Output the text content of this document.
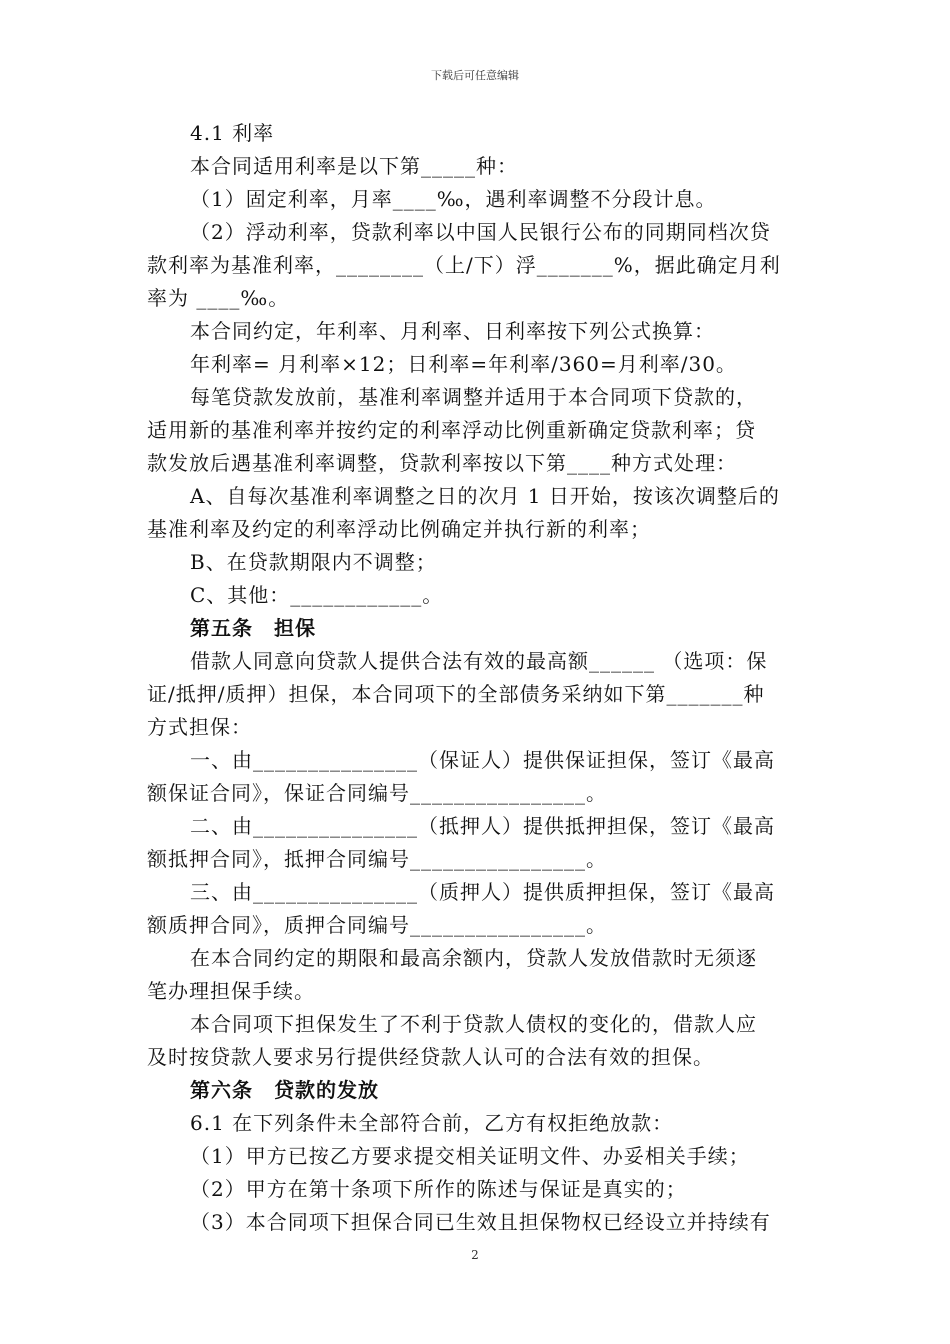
下载后可任意编辑
4.1 利率
本合同适用利率是以下第_____种：
（1）固定利率，月率____‰，遇利率调整不分段计息。
（2）浮动利率，贷款利率以中国人民银行公布的同期同档次贷
款利率为基准利率，________（上/下）浮_______%，据此确定月利
率为 ____‰。
本合同约定，年利率、月利率、日利率按下列公式换算：
年利率= 月利率×12；日利率=年利率/360=月利率/30。
每笔贷款发放前，基准利率调整并适用于本合同项下贷款的，
适用新的基准利率并按约定的利率浮动比例重新确定贷款利率；贷
款发放后遇基准利率调整，贷款利率按以下第____种方式处理：
A、自每次基准利率调整之日的次月 1 日开始，按该次调整后的
基准利率及约定的利率浮动比例确定并执行新的利率；
B、在贷款期限内不调整；
C、其他：____________。
第五条　担保
借款人同意向贷款人提供合法有效的最高额______ （选项：保
证/抵押/质押）担保，本合同项下的全部债务采纳如下第_______种
方式担保：
一、由_______________（保证人）提供保证担保，签订《最高
额保证合同》，保证合同编号________________。
二、由_______________（抵押人）提供抵押担保，签订《最高
额抵押合同》，抵押合同编号________________。
三、由_______________（质押人）提供质押担保，签订《最高
额质押合同》，质押合同编号________________。
在本合同约定的期限和最高余额内，贷款人发放借款时无须逐
笔办理担保手续。
本合同项下担保发生了不利于贷款人债权的变化的，借款人应
及时按贷款人要求另行提供经贷款人认可的合法有效的担保。
第六条　贷款的发放
6.1 在下列条件未全部符合前，乙方有权拒绝放款：
（1）甲方已按乙方要求提交相关证明文件、办妥相关手续；
（2）甲方在第十条项下所作的陈述与保证是真实的；
（3）本合同项下担保合同已生效且担保物权已经设立并持续有
2
